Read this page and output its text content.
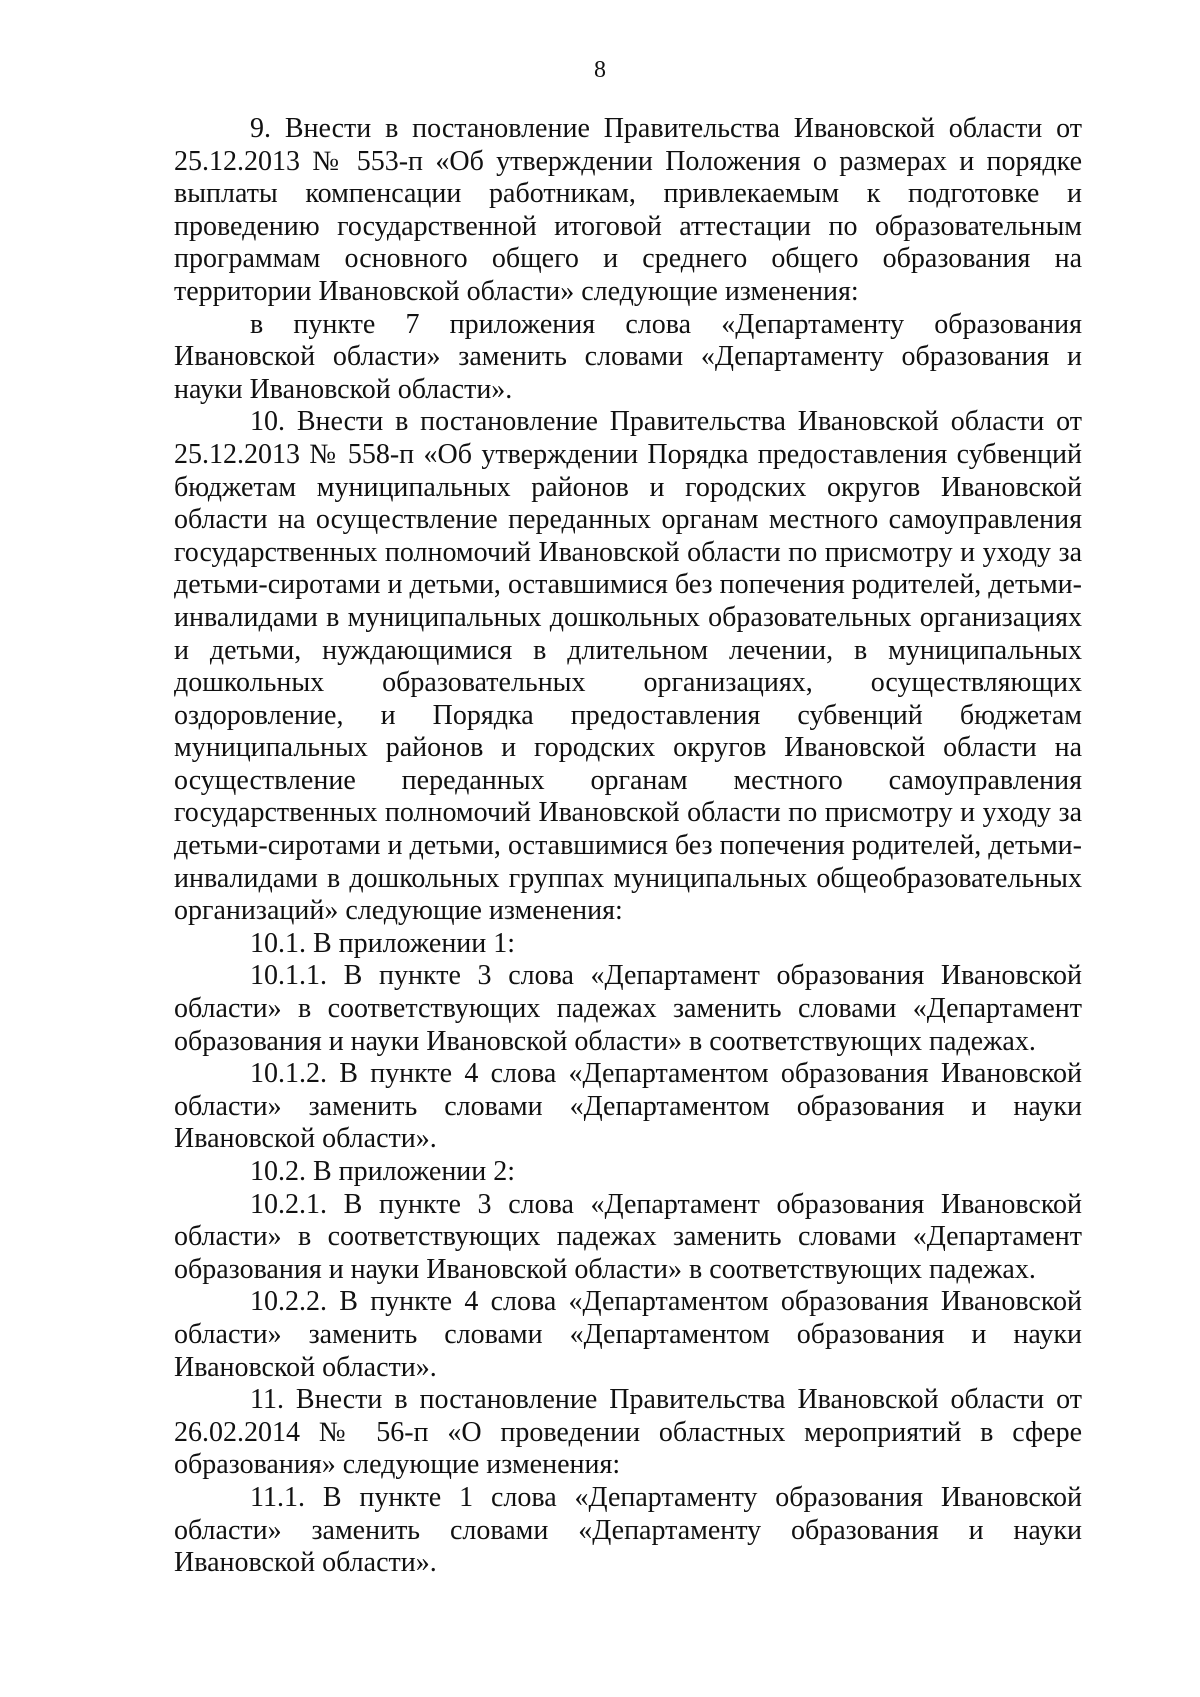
8

9. Внести в постановление Правительства Ивановской области от 25.12.2013 № 553-п «Об утверждении Положения о размерах и порядке выплаты компенсации работникам, привлекаемым к подготовке и проведению государственной итоговой аттестации по образовательным программам основного общего и среднего общего образования на территории Ивановской области» следующие изменения:

в пункте 7 приложения слова «Департаменту образования Ивановской области» заменить словами «Департаменту образования и науки Ивановской области».

10. Внести в постановление Правительства Ивановской области от 25.12.2013 № 558-п «Об утверждении Порядка предоставления субвенций бюджетам муниципальных районов и городских округов Ивановской области на осуществление переданных органам местного самоуправления государственных полномочий Ивановской области по присмотру и уходу за детьми-сиротами и детьми, оставшимися без попечения родителей, детьми-инвалидами в муниципальных дошкольных образовательных организациях и детьми, нуждающимися в длительном лечении, в муниципальных дошкольных образовательных организациях, осуществляющих оздоровление, и Порядка предоставления субвенций бюджетам муниципальных районов и городских округов Ивановской области на осуществление переданных органам местного самоуправления государственных полномочий Ивановской области по присмотру и уходу за детьми-сиротами и детьми, оставшимися без попечения родителей, детьми-инвалидами в дошкольных группах муниципальных общеобразовательных организаций» следующие изменения:

10.1. В приложении 1:

10.1.1. В пункте 3 слова «Департамент образования Ивановской области» в соответствующих падежах заменить словами «Департамент образования и науки Ивановской области» в соответствующих падежах.

10.1.2. В пункте 4 слова «Департаментом образования Ивановской области» заменить словами «Департаментом образования и науки Ивановской области».

10.2. В приложении 2:

10.2.1. В пункте 3 слова «Департамент образования Ивановской области» в соответствующих падежах заменить словами «Департамент образования и науки Ивановской области» в соответствующих падежах.

10.2.2. В пункте 4 слова «Департаментом образования Ивановской области» заменить словами «Департаментом образования и науки Ивановской области».

11. Внести в постановление Правительства Ивановской области от 26.02.2014 № 56-п «О проведении областных мероприятий в сфере образования» следующие изменения:

11.1. В пункте 1 слова «Департаменту образования Ивановской области» заменить словами «Департаменту образования и науки Ивановской области».
